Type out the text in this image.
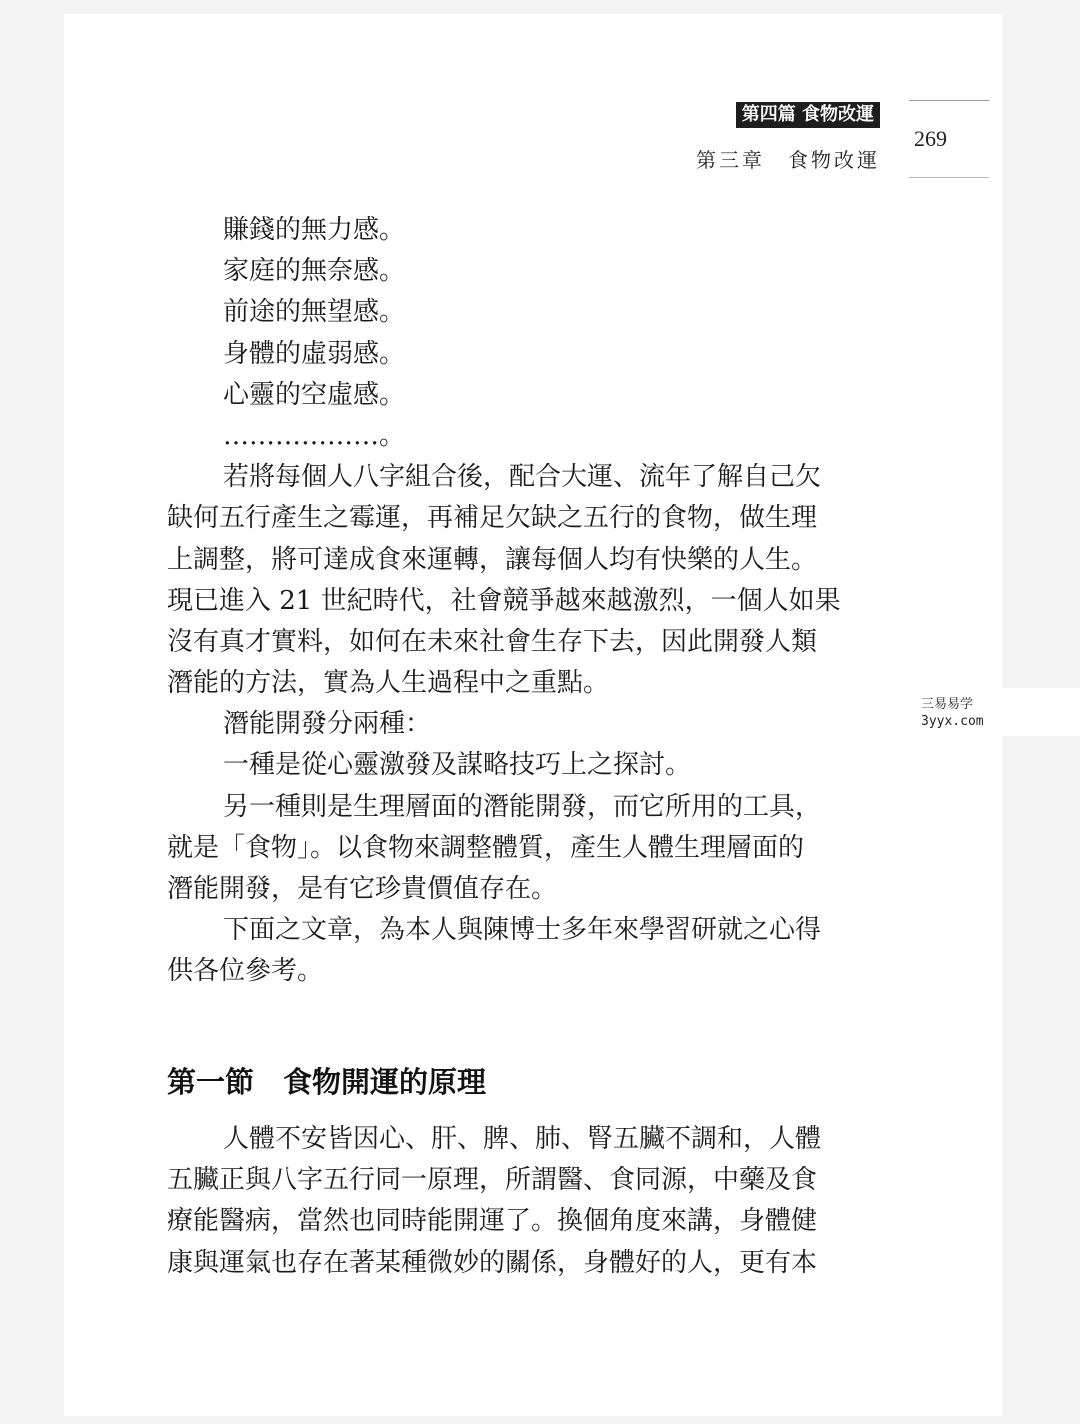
第四篇 食物改運
第三章　食物改運
269
賺錢的無力感。
家庭的無奈感。
前途的無望感。
身體的虛弱感。
心靈的空虛感。
………………。
若將每個人八字組合後，配合大運、流年了解自己欠
缺何五行產生之霉運，再補足欠缺之五行的食物，做生理
上調整，將可達成食來運轉，讓每個人均有快樂的人生。
現已進入 21 世紀時代，社會競爭越來越激烈，一個人如果
沒有真才實料，如何在未來社會生存下去，因此開發人類
潛能的方法，實為人生過程中之重點。
潛能開發分兩種：
一種是從心靈激發及謀略技巧上之探討。
另一種則是生理層面的潛能開發，而它所用的工具，
就是「食物」。以食物來調整體質，產生人體生理層面的
潛能開發，是有它珍貴價值存在。
下面之文章，為本人與陳博士多年來學習研就之心得
供各位參考。
第一節　食物開運的原理
人體不安皆因心、肝、脾、肺、腎五臟不調和，人體
五臟正與八字五行同一原理，所謂醫、食同源，中藥及食
療能醫病，當然也同時能開運了。換個角度來講，身體健
康與運氣也存在著某種微妙的關係，身體好的人，更有本
三易易学
3yyx.com
